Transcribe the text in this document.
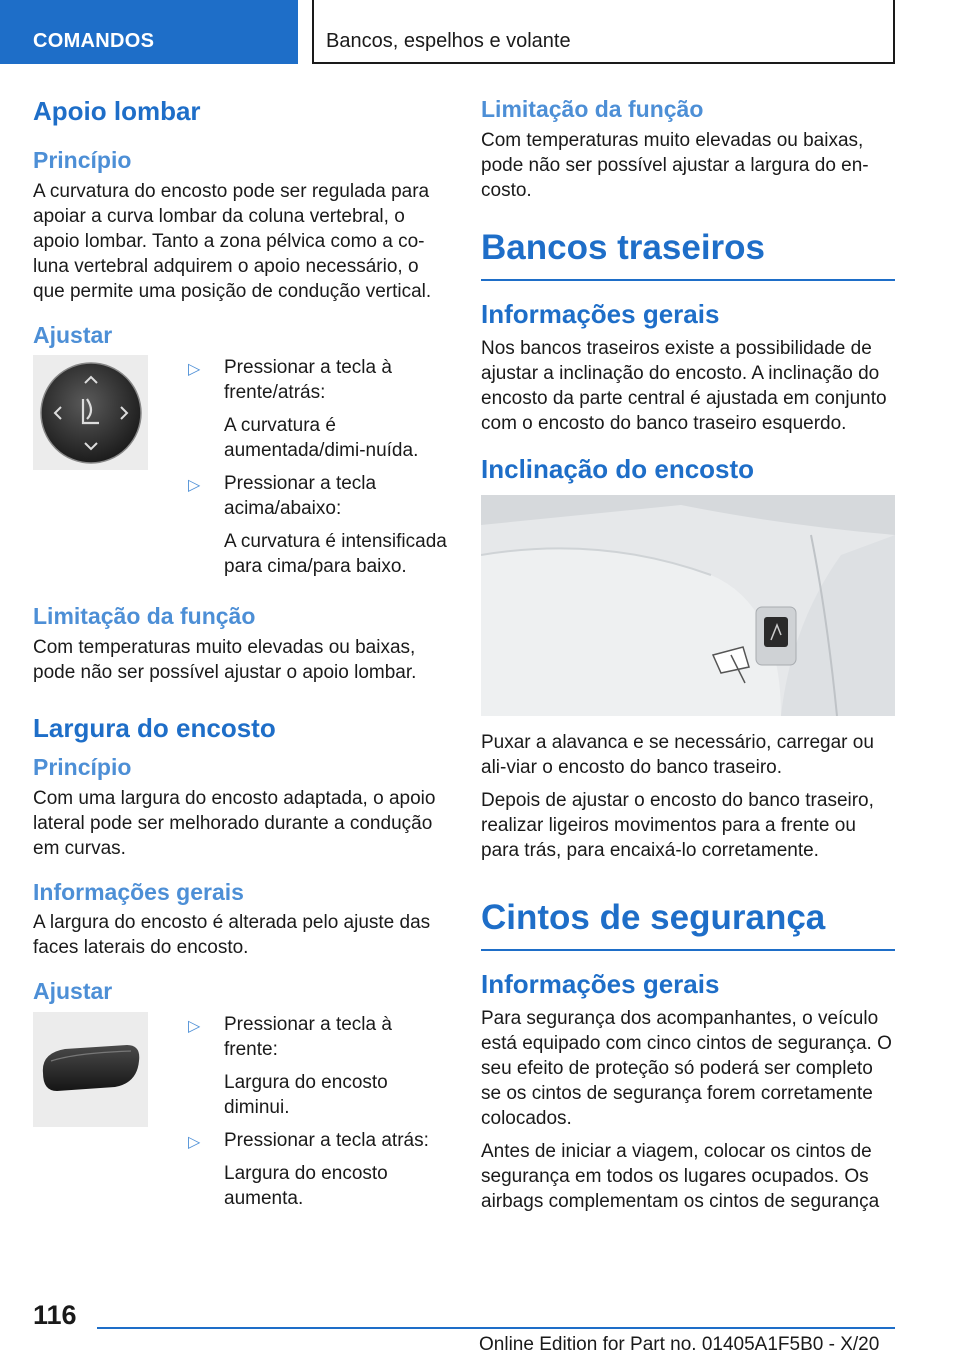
COMANDOS	Bancos, espelhos e volante
Apoio lombar
Princípio

A curvatura do encosto pode ser regulada para apoiar a curva lombar da coluna vertebral, o apoio lombar. Tanto a zona pélvica como a co‐luna vertebral adquirem o apoio necessário, o que permite uma posição de condução vertical.

Ajustar
▷ Pressionar a tecla à frente/atrás:
A curvatura é aumentada/dimi‐nuída.
▷ Pressionar a tecla acima/abaixo:
A curvatura é intensificada para cima/para baixo.
Limitação da função

Com temperaturas muito elevadas ou baixas, pode não ser possível ajustar o apoio lombar.

Largura do encosto
Princípio

Com uma largura do encosto adaptada, o apoio lateral pode ser melhorado durante a condução em curvas.

Informações gerais

A largura do encosto é alterada pelo ajuste das faces laterais do encosto.

Ajustar
▷ Pressionar a tecla à frente:
Largura do encosto diminui.
▷ Pressionar a tecla atrás:
Largura do encosto aumenta.
Limitação da função

Com temperaturas muito elevadas ou baixas, pode não ser possível ajustar a largura do en‐costo.

Bancos traseiros
Informações gerais

Nos bancos traseiros existe a possibilidade de ajustar a inclinação do encosto. A inclinação do encosto da parte central é ajustada em conjunto com o encosto do banco traseiro esquerdo.

Inclinação do encosto

Puxar a alavanca e se necessário, carregar ou ali‐viar o encosto do banco traseiro.

Depois de ajustar o encosto do banco traseiro, realizar ligeiros movimentos para a frente ou para trás, para encaixá-lo corretamente.

Cintos de segurança
Informações gerais

Para segurança dos acompanhantes, o veículo está equipado com cinco cintos de segurança. O seu efeito de proteção só poderá ser completo se os cintos de segurança forem corretamente colocados.

Antes de iniciar a viagem, colocar os cintos de segurança em todos os lugares ocupados. Os airbags complementam os cintos de segurança

116
Online Edition for Part no. 01405A1F5B0 - X/20
